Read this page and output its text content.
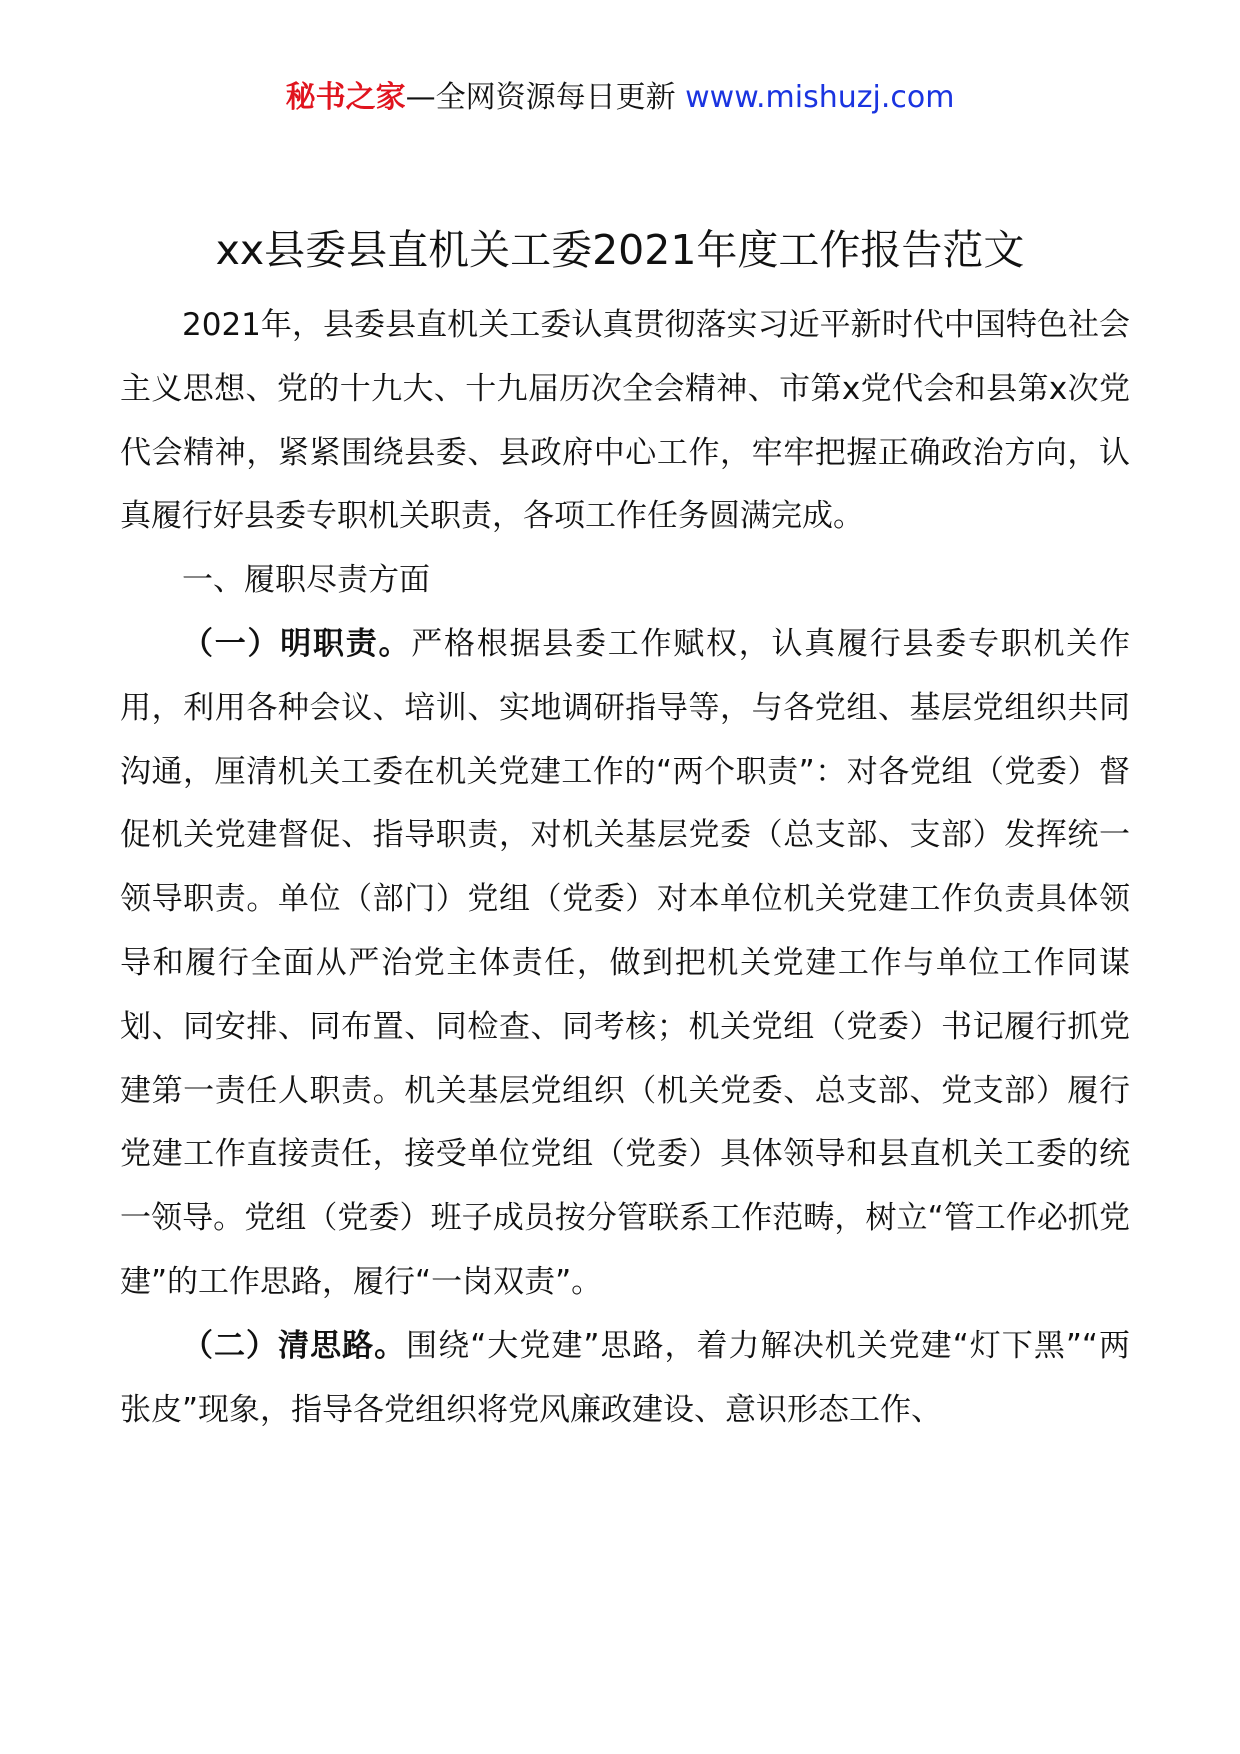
秘书之家—全网资源每日更新 www.mishuzj.com
xx县委县直机关工委2021年度工作报告范文

2021年，县委县直机关工委认真贯彻落实习近平新时代中国特色社会主义思想、党的十九大、十九届历次全会精神、市第x党代会和县第x次党代会精神，紧紧围绕县委、县政府中心工作，牢牢把握正确政治方向，认真履行好县委专职机关职责，各项工作任务圆满完成。

一、履职尽责方面

（一）明职责。严格根据县委工作赋权，认真履行县委专职机关作用，利用各种会议、培训、实地调研指导等，与各党组、基层党组织共同沟通，厘清机关工委在机关党建工作的“两个职责”：对各党组（党委）督促机关党建督促、指导职责，对机关基层党委（总支部、支部）发挥统一领导职责。单位（部门）党组（党委）对本单位机关党建工作负责具体领导和履行全面从严治党主体责任，做到把机关党建工作与单位工作同谋划、同安排、同布置、同检查、同考核；机关党组（党委）书记履行抓党建第一责任人职责。机关基层党组织（机关党委、总支部、党支部）履行党建工作直接责任，接受单位党组（党委）具体领导和县直机关工委的统一领导。党组（党委）班子成员按分管联系工作范畴，树立“管工作必抓党建”的工作思路，履行“一岗双责”。

（二）清思路。围绕“大党建”思路，着力解决机关党建“灯下黑”“两张皮”现象，指导各党组织将党风廉政建设、意识形态工作、
